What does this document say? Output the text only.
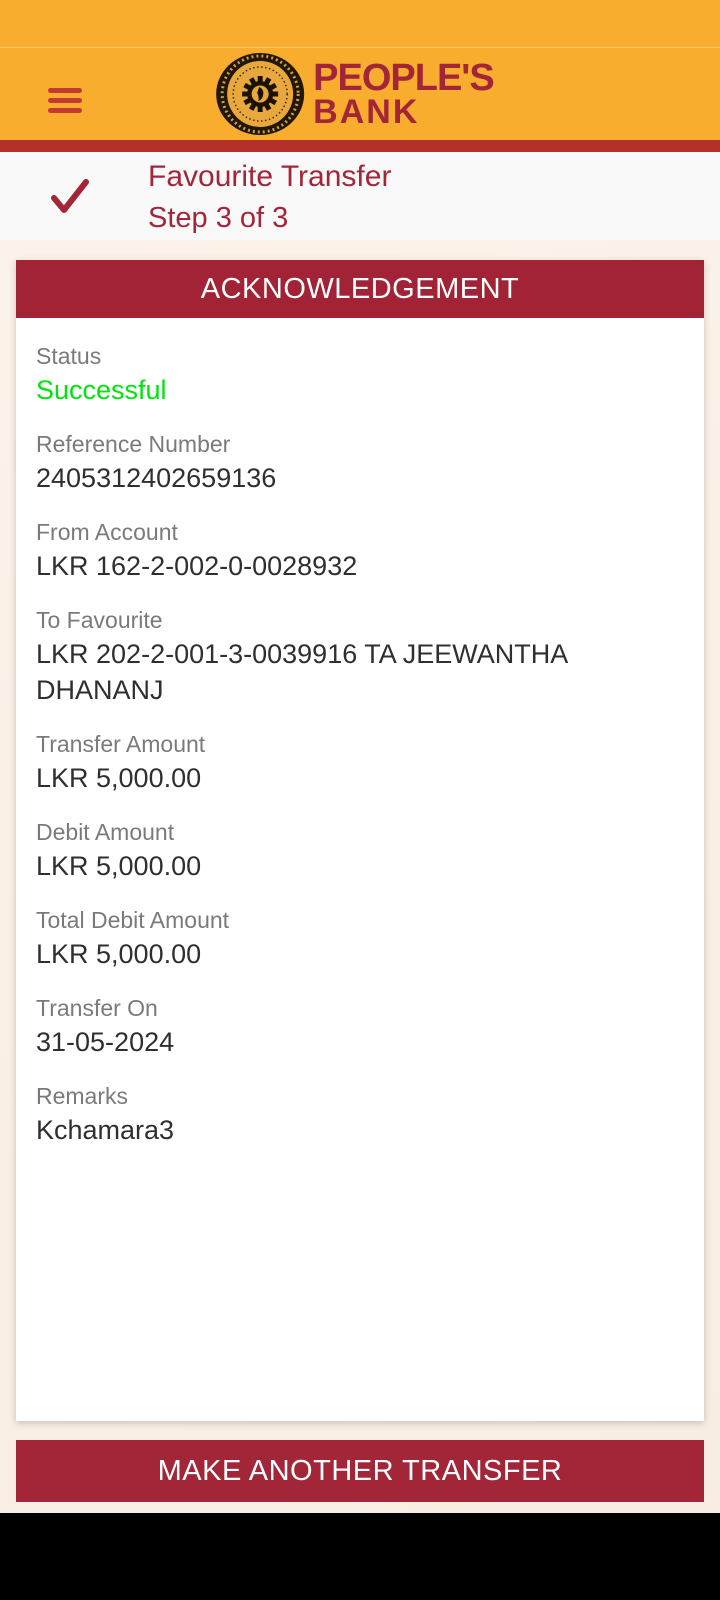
PEOPLE'S
BANK

Favourite Transfer

Step 3 of 3

ACKNOWLEDGEMENT
Status
Successful
Reference Number
2405312402659136
From Account
LKR 162-2-002-0-0028932
To Favourite
LKR 202-2-001-3-0039916 TA JEEWANTHA DHANANJ
Transfer Amount
LKR 5,000.00
Debit Amount
LKR 5,000.00
Total Debit Amount
LKR 5,000.00
Transfer On
31-05-2024
Remarks
Kchamara3
MAKE ANOTHER TRANSFER
